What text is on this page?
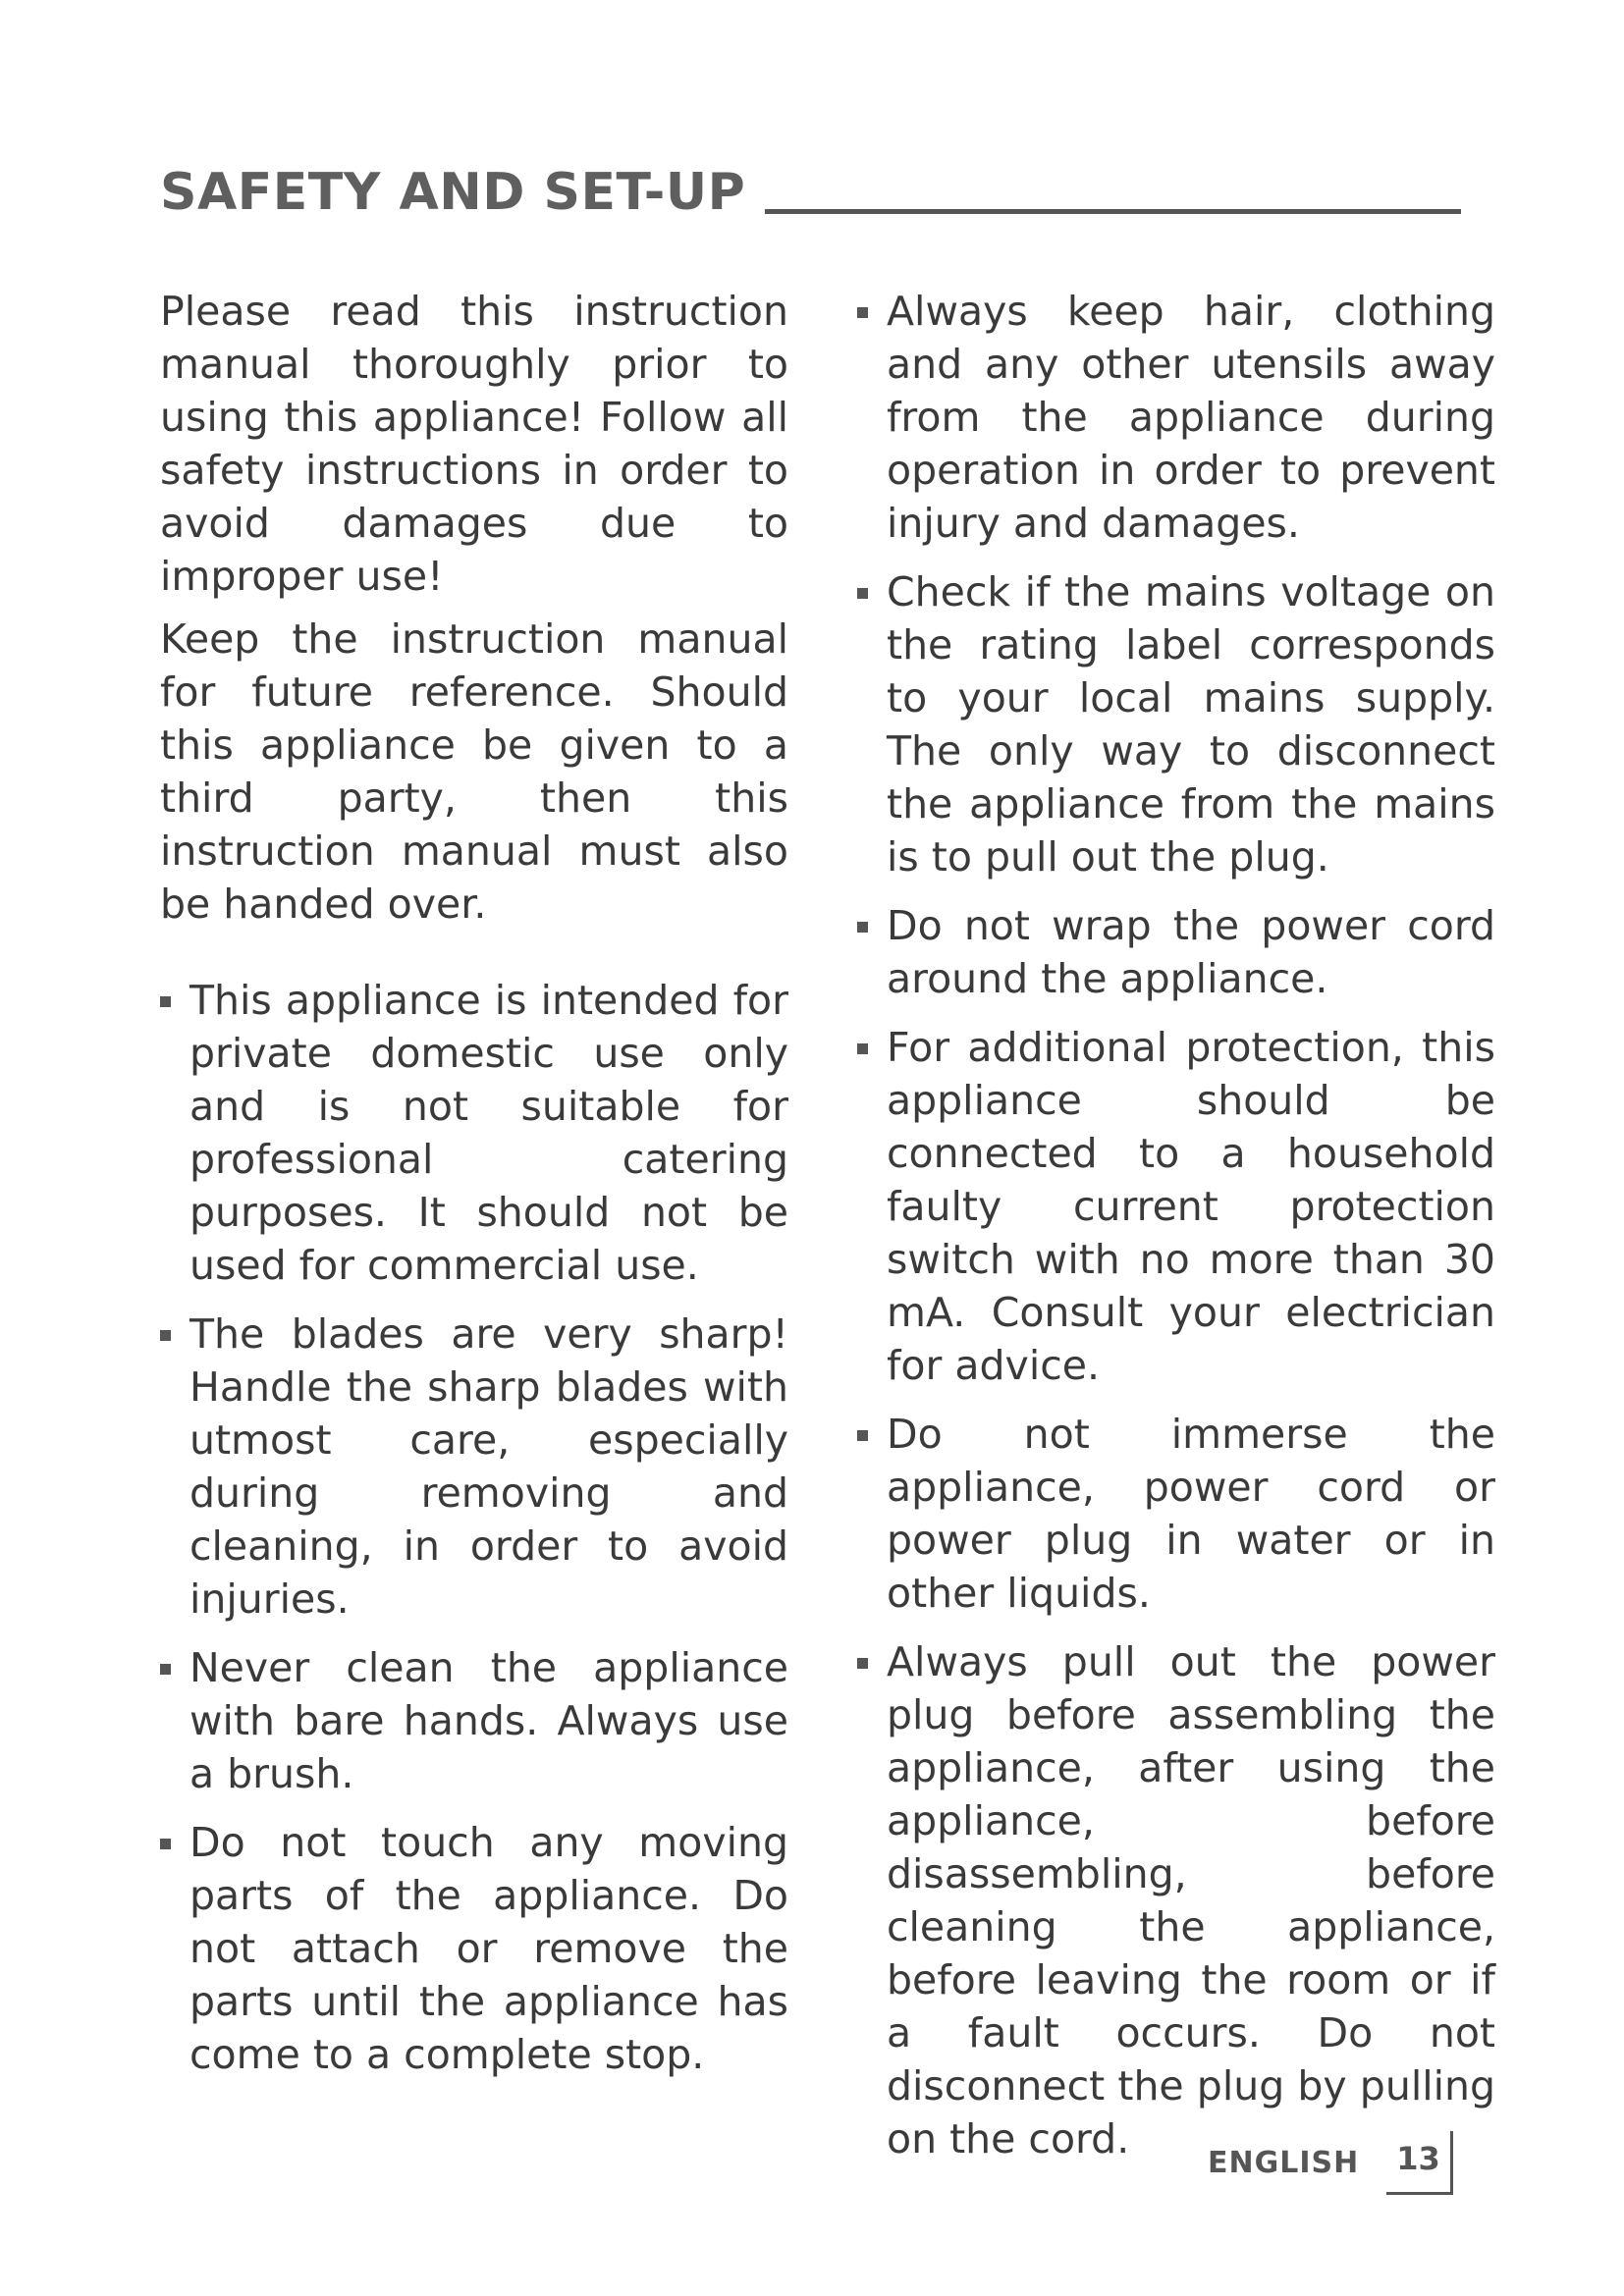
SAFETY AND SET-UP

Please read this instruction manual thoroughly prior to using this appliance! Follow all safety instructions in order to avoid damages due to improper use!

Keep the instruction manual for future reference. Should this appliance be given to a third party, then this instruction manual must also be handed over.

This appliance is intended for private domestic use only and is not suitable for professional catering purposes. It should not be used for commercial use.
The blades are very sharp! Handle the sharp blades with utmost care, especially during removing and cleaning, in order to avoid injuries.
Never clean the appliance with bare hands. Always use a brush.
Do not touch any moving parts of the appliance. Do not attach or remove the parts until the appliance has come to a complete stop.
Always keep hair, clothing and any other utensils away from the appliance during operation in order to prevent injury and damages.
Check if the mains voltage on the rating label corresponds to your local mains supply. The only way to disconnect the appliance from the mains is to pull out the plug.
Do not wrap the power cord around the appliance.
For additional protection, this appliance should be connected to a household faulty current protection switch with no more than 30 mA. Consult your electrician for advice.
Do not immerse the appliance, power cord or power plug in water or in other liquids.
Always pull out the power plug before assembling the appliance, after using the appliance, before disassembling, before cleaning the appliance, before leaving the room or if a fault occurs. Do not disconnect the plug by pulling on the cord.	ENGLISH	13
